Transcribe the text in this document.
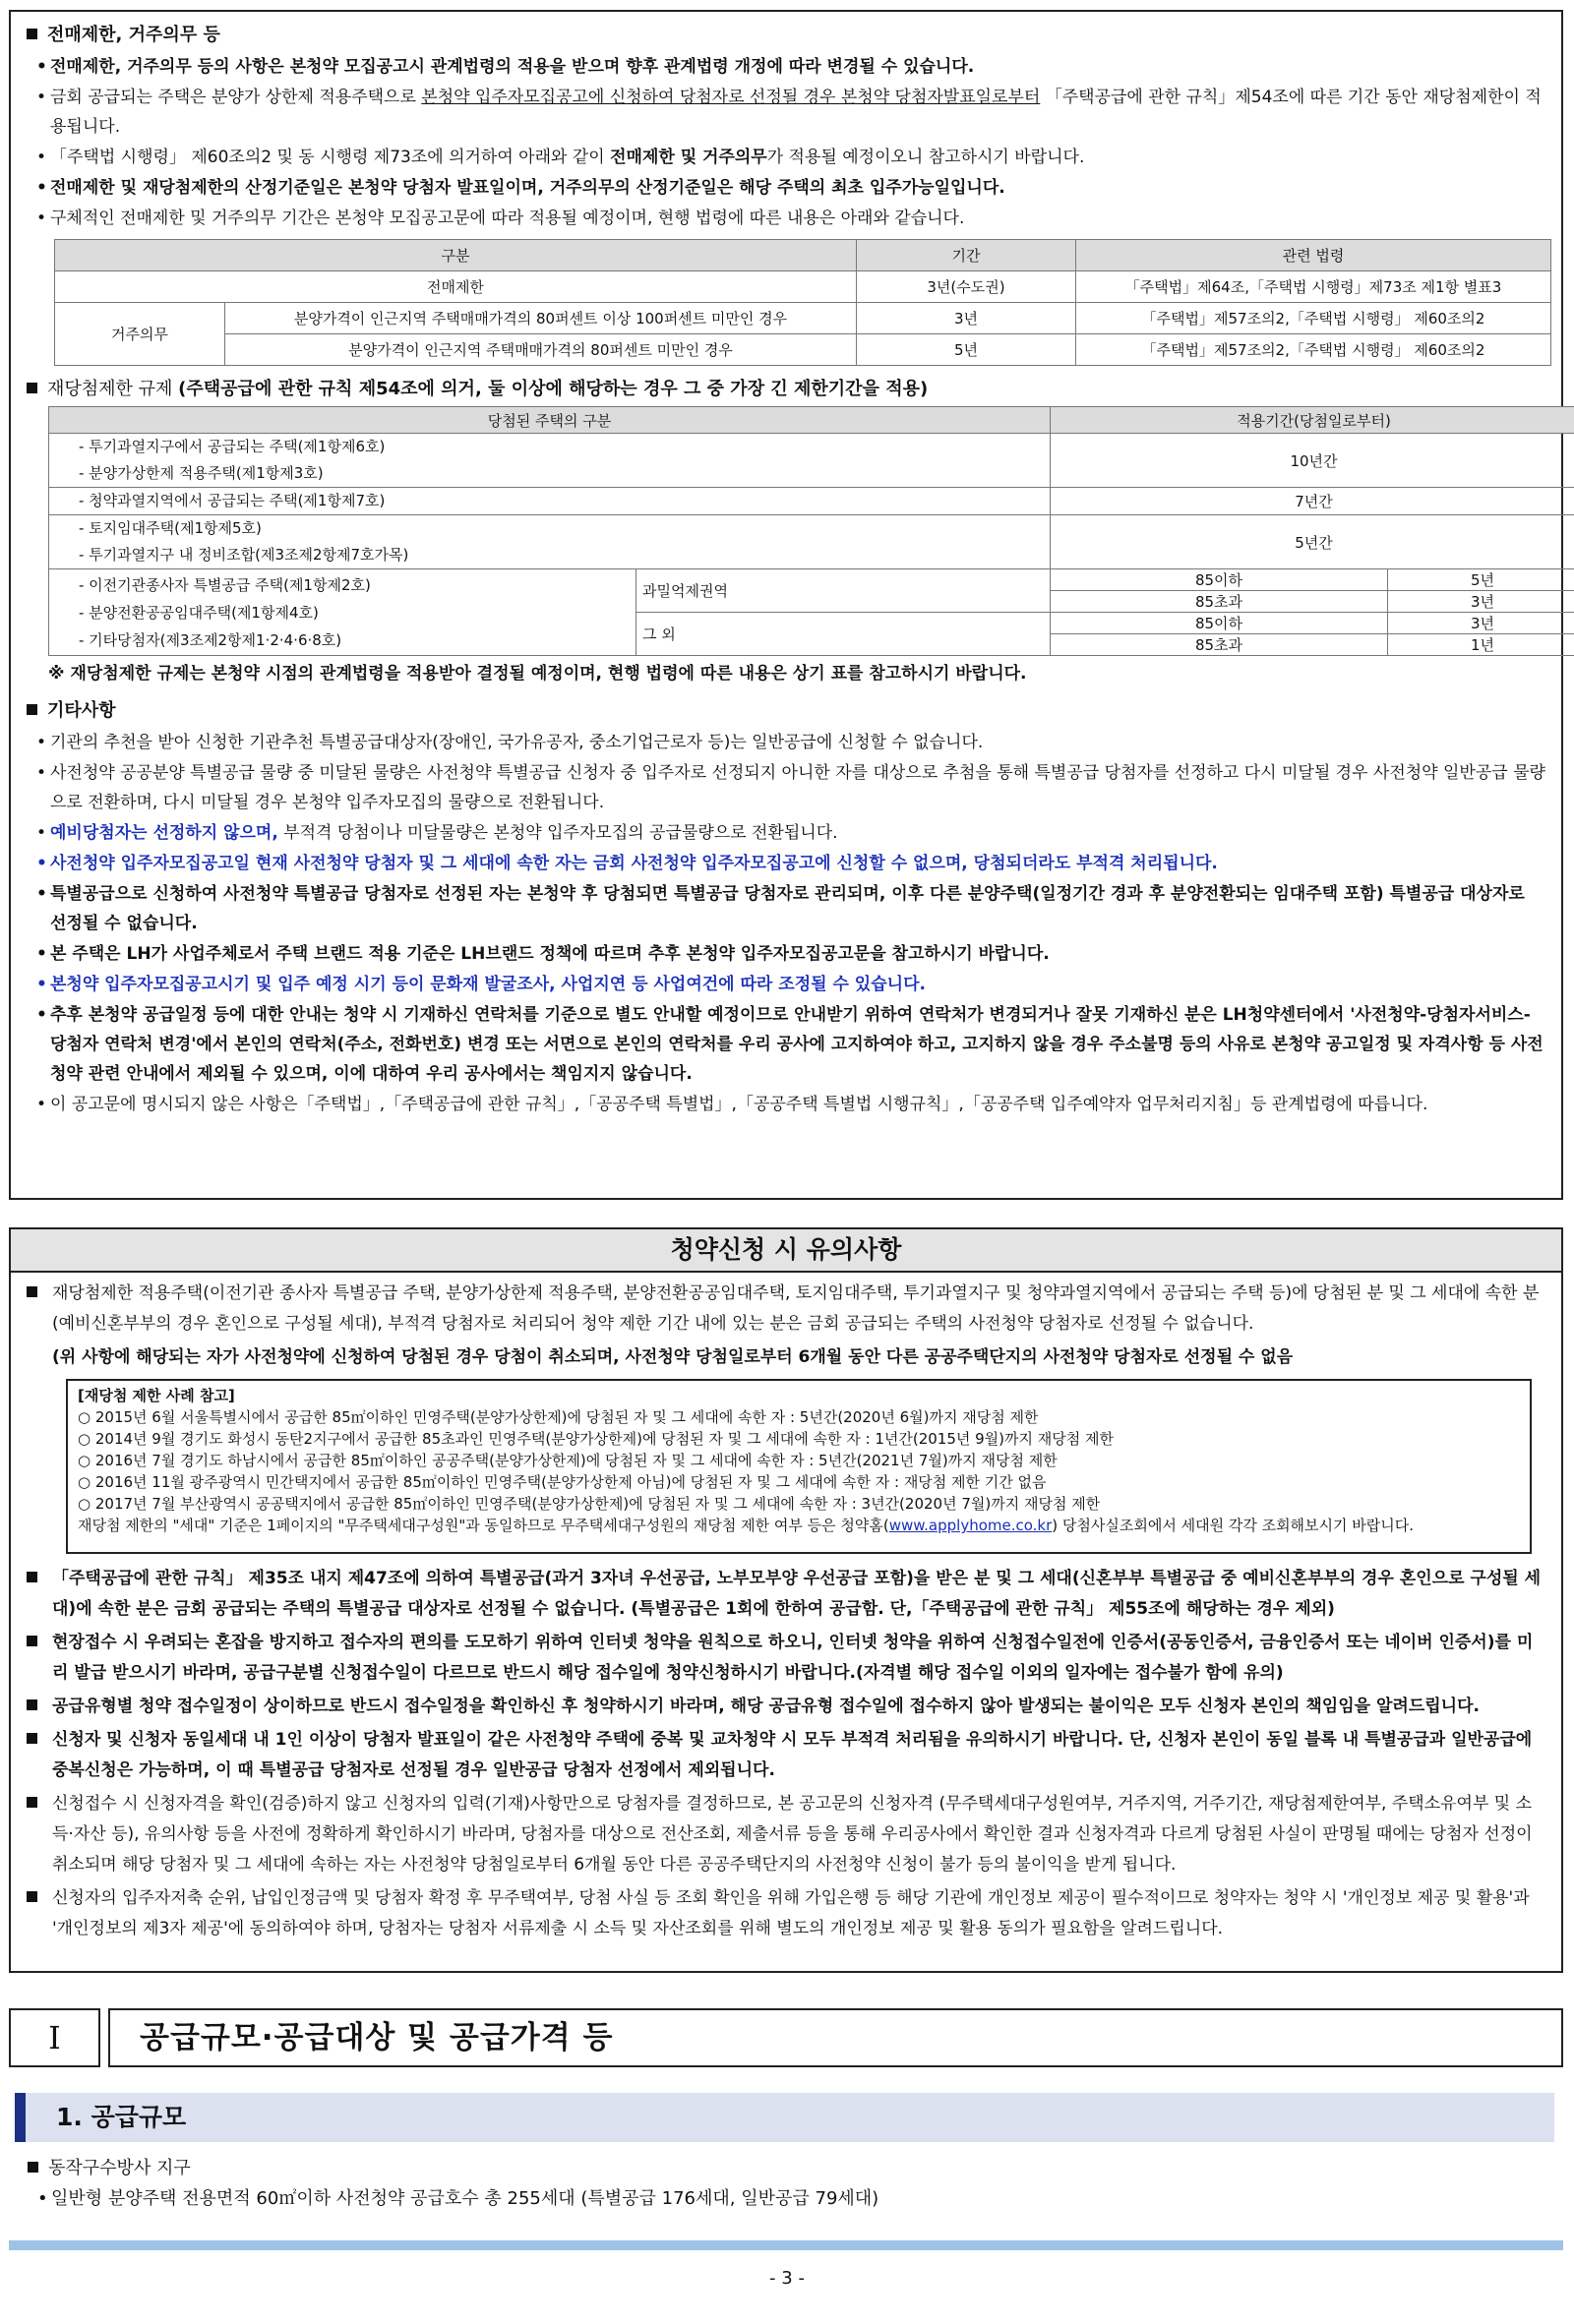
전매제한, 거주의무 등
• 전매제한, 거주의무 등의 사항은 본청약 모집공고시 관계법령의 적용을 받으며 향후 관계법령 개정에 따라 변경될 수 있습니다.
• 금회 공급되는 주택은 분양가 상한제 적용주택으로 본청약 입주자모집공고에 신청하여 당첨자로 선정될 경우 본청약 당첨자발표일로부터 「주택공급에 관한 규칙」제54조에 따른 기간 동안 재당첨제한이 적용됩니다.
• 「주택법 시행령」 제60조의2 및 동 시행령 제73조에 의거하여 아래와 같이 전매제한 및 거주의무가 적용될 예정이오니 참고하시기 바랍니다.
• 전매제한 및 재당첨제한의 산정기준일은 본청약 당첨자 발표일이며, 거주의무의 산정기준일은 해당 주택의 최초 입주가능일입니다.
• 구체적인 전매제한 및 거주의무 기간은 본청약 모집공고문에 따라 적용될 예정이며, 현행 법령에 따른 내용은 아래와 같습니다.
구분		기간	관련 법령
전매제한		3년(수도권)	「주택법」제64조,「주택법 시행령」제73조 제1항 별표3
거주의무	분양가격이 인근지역 주택매매가격의 80퍼센트 이상 100퍼센트 미만인 경우	3년	「주택법」제57조의2,「주택법 시행령」 제60조의2
	분양가격이 인근지역 주택매매가격의 80퍼센트 미만인 경우	5년	「주택법」제57조의2,「주택법 시행령」 제60조의2
재당첨제한 규제 (주택공급에 관한 규칙 제54조에 의거, 둘 이상에 해당하는 경우 그 중 가장 긴 제한기간을 적용)
당첨된 주택의 구분		적용기간(당첨일로부터)	

- 투기과열지구에서 공급되는 주택(제1항제6호)
- 분양가상한제 적용주택(제1항제3호)		10년간	
- 청약과열지역에서 공급되는 주택(제1항제7호)		7년간	

- 토지임대주택(제1항제5호)
- 투기과열지구 내 정비조합(제3조제2항제7호가목)		5년간	

- 이전기관종사자 특별공급 주택(제1항제2호)
- 분양전환공공임대주택(제1항제4호)
- 기타당첨자(제3조제2항제1·2·4·6·8호)	과밀억제권역	85이하	5년
		85초과	3년
	그 외	85이하	3년
		85초과	1년
※ 재당첨제한 규제는 본청약 시점의 관계법령을 적용받아 결정될 예정이며, 현행 법령에 따른 내용은 상기 표를 참고하시기 바랍니다.
기타사항
• 기관의 추천을 받아 신청한 기관추천 특별공급대상자(장애인, 국가유공자, 중소기업근로자 등)는 일반공급에 신청할 수 없습니다.
• 사전청약 공공분양 특별공급 물량 중 미달된 물량은 사전청약 특별공급 신청자 중 입주자로 선정되지 아니한 자를 대상으로 추첨을 통해 특별공급 당첨자를 선정하고 다시 미달될 경우 사전청약 일반공급 물량으로 전환하며, 다시 미달될 경우 본청약 입주자모집의 물량으로 전환됩니다.
• 예비당첨자는 선정하지 않으며, 부적격 당첨이나 미달물량은 본청약 입주자모집의 공급물량으로 전환됩니다.
• 사전청약 입주자모집공고일 현재 사전청약 당첨자 및 그 세대에 속한 자는 금회 사전청약 입주자모집공고에 신청할 수 없으며, 당첨되더라도 부적격 처리됩니다.
• 특별공급으로 신청하여 사전청약 특별공급 당첨자로 선정된 자는 본청약 후 당첨되면 특별공급 당첨자로 관리되며, 이후 다른 분양주택(일정기간 경과 후 분양전환되는 임대주택 포함) 특별공급 대상자로 선정될 수 없습니다.
• 본 주택은 LH가 사업주체로서 주택 브랜드 적용 기준은 LH브랜드 정책에 따르며 추후 본청약 입주자모집공고문을 참고하시기 바랍니다.
• 본청약 입주자모집공고시기 및 입주 예정 시기 등이 문화재 발굴조사, 사업지연 등 사업여건에 따라 조정될 수 있습니다.
• 추후 본청약 공급일정 등에 대한 안내는 청약 시 기재하신 연락처를 기준으로 별도 안내할 예정이므로 안내받기 위하여 연락처가 변경되거나 잘못 기재하신 분은 LH청약센터에서 '사전청약-당첨자서비스-당첨자 연락처 변경'에서 본인의 연락처(주소, 전화번호) 변경 또는 서면으로 본인의 연락처를 우리 공사에 고지하여야 하고, 고지하지 않을 경우 주소불명 등의 사유로 본청약 공고일정 및 자격사항 등 사전청약 관련 안내에서 제외될 수 있으며, 이에 대하여 우리 공사에서는 책임지지 않습니다.
• 이 공고문에 명시되지 않은 사항은「주택법」,「주택공급에 관한 규칙」,「공공주택 특별법」,「공공주택 특별법 시행규칙」,「공공주택 입주예약자 업무처리지침」등 관계법령에 따릅니다.
청약신청 시 유의사항
재당첨제한 적용주택(이전기관 종사자 특별공급 주택, 분양가상한제 적용주택, 분양전환공공임대주택, 토지임대주택, 투기과열지구 및 청약과열지역에서 공급되는 주택 등)에 당첨된 분 및 그 세대에 속한 분(예비신혼부부의 경우 혼인으로 구성될 세대), 부적격 당첨자로 처리되어 청약 제한 기간 내에 있는 분은 금회 공급되는 주택의 사전청약 당첨자로 선정될 수 없습니다.
(위 사항에 해당되는 자가 사전청약에 신청하여 당첨된 경우 당첨이 취소되며, 사전청약 당첨일로부터 6개월 동안 다른 공공주택단지의 사전청약 당첨자로 선정될 수 없음
[재당첨 제한 사례 참고]
○ 2015년 6월 서울특별시에서 공급한 85㎡이하인 민영주택(분양가상한제)에 당첨된 자 및 그 세대에 속한 자 : 5년간(2020년 6월)까지 재당첨 제한
○ 2014년 9월 경기도 화성시 동탄2지구에서 공급한 85초과인 민영주택(분양가상한제)에 당첨된 자 및 그 세대에 속한 자 : 1년간(2015년 9월)까지 재당첨 제한
○ 2016년 7월 경기도 하남시에서 공급한 85㎡이하인 공공주택(분양가상한제)에 당첨된 자 및 그 세대에 속한 자 : 5년간(2021년 7월)까지 재당첨 제한
○ 2016년 11월 광주광역시 민간택지에서 공급한 85㎡이하인 민영주택(분양가상한제 아님)에 당첨된 자 및 그 세대에 속한 자 : 재당첨 제한 기간 없음
○ 2017년 7월 부산광역시 공공택지에서 공급한 85㎡이하인 민영주택(분양가상한제)에 당첨된 자 및 그 세대에 속한 자 : 3년간(2020년 7월)까지 재당첨 제한
재당첨 제한의 "세대" 기준은 1페이지의 "무주택세대구성원"과 동일하므로 무주택세대구성원의 재당첨 제한 여부 등은 청약홈(www.applyhome.co.kr) 당첨사실조회에서 세대원 각각 조회해보시기 바랍니다.
「주택공급에 관한 규칙」 제35조 내지 제47조에 의하여 특별공급(과거 3자녀 우선공급, 노부모부양 우선공급 포함)을 받은 분 및 그 세대(신혼부부 특별공급 중 예비신혼부부의 경우 혼인으로 구성될 세대)에 속한 분은 금회 공급되는 주택의 특별공급 대상자로 선정될 수 없습니다. (특별공급은 1회에 한하여 공급함. 단,「주택공급에 관한 규칙」 제55조에 해당하는 경우 제외)
현장접수 시 우려되는 혼잡을 방지하고 접수자의 편의를 도모하기 위하여 인터넷 청약을 원칙으로 하오니, 인터넷 청약을 위하여 신청접수일전에 인증서(공동인증서, 금융인증서 또는 네이버 인증서)를 미리 발급 받으시기 바라며, 공급구분별 신청접수일이 다르므로 반드시 해당 접수일에 청약신청하시기 바랍니다.(자격별 해당 접수일 이외의 일자에는 접수불가 함에 유의)
공급유형별 청약 접수일정이 상이하므로 반드시 접수일정을 확인하신 후 청약하시기 바라며, 해당 공급유형 접수일에 접수하지 않아 발생되는 불이익은 모두 신청자 본인의 책임임을 알려드립니다.
신청자 및 신청자 동일세대 내 1인 이상이 당첨자 발표일이 같은 사전청약 주택에 중복 및 교차청약 시 모두 부적격 처리됨을 유의하시기 바랍니다. 단, 신청자 본인이 동일 블록 내 특별공급과 일반공급에 중복신청은 가능하며, 이 때 특별공급 당첨자로 선정될 경우 일반공급 당첨자 선정에서 제외됩니다.
신청접수 시 신청자격을 확인(검증)하지 않고 신청자의 입력(기재)사항만으로 당첨자를 결정하므로, 본 공고문의 신청자격 (무주택세대구성원여부, 거주지역, 거주기간, 재당첨제한여부, 주택소유여부 및 소득·자산 등), 유의사항 등을 사전에 정확하게 확인하시기 바라며, 당첨자를 대상으로 전산조회, 제출서류 등을 통해 우리공사에서 확인한 결과 신청자격과 다르게 당첨된 사실이 판명될 때에는 당첨자 선정이 취소되며 해당 당첨자 및 그 세대에 속하는 자는 사전청약 당첨일로부터 6개월 동안 다른 공공주택단지의 사전청약 신청이 불가 등의 불이익을 받게 됩니다.
신청자의 입주자저축 순위, 납입인정금액 및 당첨자 확정 후 무주택여부, 당첨 사실 등 조회 확인을 위해 가입은행 등 해당 기관에 개인정보 제공이 필수적이므로 청약자는 청약 시 '개인정보 제공 및 활용'과 '개인정보의 제3자 제공'에 동의하여야 하며, 당첨자는 당첨자 서류제출 시 소득 및 자산조회를 위해 별도의 개인정보 제공 및 활용 동의가 필요함을 알려드립니다.
Ⅰ	공급규모·공급대상 및 공급가격 등
1. 공급규모
동작구수방사 지구
• 일반형 분양주택 전용면적 60㎡이하 사전청약 공급호수 총 255세대 (특별공급 176세대, 일반공급 79세대)
- 3 -
